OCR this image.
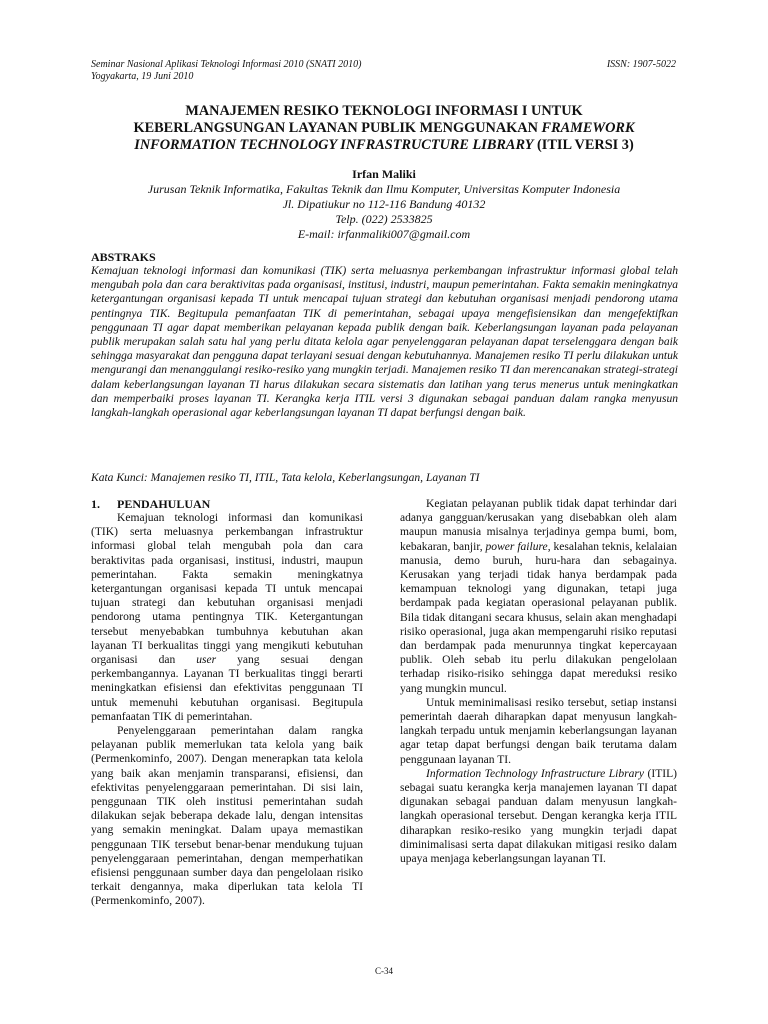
Seminar Nasional Aplikasi Teknologi Informasi 2010 (SNATI 2010)
Yogyakarta, 19 Juni 2010
ISSN: 1907-5022
MANAJEMEN RESIKO TEKNOLOGI INFORMASI I UNTUK
KEBERLANGSUNGAN LAYANAN PUBLIK MENGGUNAKAN FRAMEWORK
INFORMATION TECHNOLOGY INFRASTRUCTURE LIBRARY (ITIL VERSI 3)
Irfan Maliki
Jurusan Teknik Informatika, Fakultas Teknik dan Ilmu Komputer, Universitas Komputer Indonesia
Jl. Dipatiukur no 112-116 Bandung 40132
Telp. (022) 2533825
E-mail: irfanmaliki007@gmail.com
ABSTRAKS
Kemajuan teknologi informasi dan komunikasi (TIK) serta meluasnya perkembangan infrastruktur informasi global telah mengubah pola dan cara beraktivitas pada organisasi, institusi, industri, maupun pemerintahan. Fakta semakin meningkatnya ketergantungan organisasi kepada TI untuk mencapai tujuan strategi dan kebutuhan organisasi menjadi pendorong utama pentingnya TIK. Begitupula pemanfaatan TIK di pemerintahan, sebagai upaya mengefisiensikan dan mengefektifkan penggunaan TI agar dapat memberikan pelayanan kepada publik dengan baik. Keberlangsungan layanan pada pelayanan publik merupakan salah satu hal yang perlu ditata kelola agar penyelenggaran pelayanan dapat terselenggara dengan baik sehingga masyarakat dan pengguna dapat terlayani sesuai dengan kebutuhannya. Manajemen resiko TI perlu dilakukan untuk mengurangi dan menanggulangi resiko-resiko yang mungkin terjadi. Manajemen resiko TI dan merencanakan strategi-strategi dalam keberlangsungan layanan TI harus dilakukan secara sistematis dan latihan yang terus menerus untuk meningkatkan dan memperbaiki proses layanan TI. Kerangka kerja ITIL versi 3 digunakan sebagai panduan dalam rangka menyusun langkah-langkah operasional agar keberlangsungan layanan TI dapat berfungsi dengan baik.
Kata Kunci: Manajemen resiko TI, ITIL, Tata kelola, Keberlangsungan, Layanan TI
1. PENDAHULUAN

Kemajuan teknologi informasi dan komunikasi (TIK) serta meluasnya perkembangan infrastruktur informasi global telah mengubah pola dan cara beraktivitas pada organisasi, institusi, industri, maupun pemerintahan. Fakta semakin meningkatnya ketergantungan organisasi kepada TI untuk mencapai tujuan strategi dan kebutuhan organisasi menjadi pendorong utama pentingnya TIK. Ketergantungan tersebut menyebabkan tumbuhnya kebutuhan akan layanan TI berkualitas tinggi yang mengikuti kebutuhan organisasi dan user yang sesuai dengan perkembangannya. Layanan TI berkualitas tinggi berarti meningkatkan efisiensi dan efektivitas penggunaan TI untuk memenuhi kebutuhan organisasi. Begitupula pemanfaatan TIK di pemerintahan.

Penyelenggaraan pemerintahan dalam rangka pelayanan publik memerlukan tata kelola yang baik (Permenkominfo, 2007). Dengan menerapkan tata kelola yang baik akan menjamin transparansi, efisiensi, dan efektivitas penyelenggaraan pemerintahan. Di sisi lain, penggunaan TIK oleh institusi pemerintahan sudah dilakukan sejak beberapa dekade lalu, dengan intensitas yang semakin meningkat. Dalam upaya memastikan penggunaan TIK tersebut benar-benar mendukung tujuan penyelenggaraan pemerintahan, dengan memperhatikan efisiensi penggunaan sumber daya dan pengelolaan risiko terkait dengannya, maka diperlukan tata kelola TI (Permenkominfo, 2007).

Kegiatan pelayanan publik tidak dapat terhindar dari adanya gangguan/kerusakan yang disebabkan oleh alam maupun manusia misalnya terjadinya gempa bumi, bom, kebakaran, banjir, power failure, kesalahan teknis, kelalaian manusia, demo buruh, huru-hara dan sebagainya. Kerusakan yang terjadi tidak hanya berdampak pada kemampuan teknologi yang digunakan, tetapi juga berdampak pada kegiatan operasional pelayanan publik. Bila tidak ditangani secara khusus, selain akan menghadapi risiko operasional, juga akan mempengaruhi risiko reputasi dan berdampak pada menurunnya tingkat kepercayaan publik. Oleh sebab itu perlu dilakukan pengelolaan terhadap risiko-risiko sehingga dapat mereduksi resiko yang mungkin muncul.

Untuk meminimalisasi resiko tersebut, setiap instansi pemerintah daerah diharapkan dapat menyusun langkah-langkah terpadu untuk menjamin keberlangsungan layanan agar tetap dapat berfungsi dengan baik terutama dalam penggunaan layanan TI.

Information Technology Infrastructure Library (ITIL) sebagai suatu kerangka kerja manajemen layanan TI dapat digunakan sebagai panduan dalam menyusun langkah-langkah operasional tersebut. Dengan kerangka kerja ITIL diharapkan resiko-resiko yang mungkin terjadi dapat diminimalisasi serta dapat dilakukan mitigasi resiko dalam upaya menjaga keberlangsungan layanan TI.

C-34
